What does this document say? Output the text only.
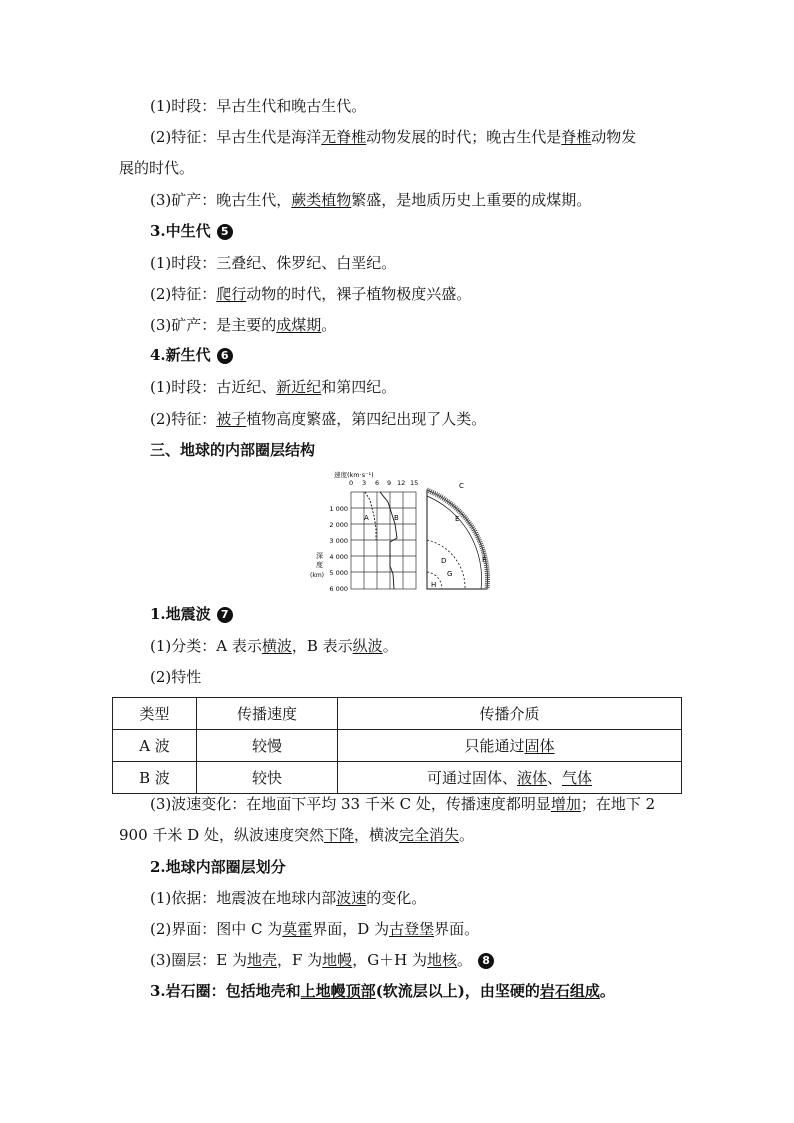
(1)时段：早古生代和晚古生代。
(2)特征：早古生代是海洋无脊椎动物发展的时代；晚古生代是脊椎动物发
展的时代。
(3)矿产：晚古生代，蕨类植物繁盛，是地质历史上重要的成煤期。
3.中生代 5
(1)时段：三叠纪、侏罗纪、白垩纪。
(2)特征：爬行动物的时代，裸子植物极度兴盛。
(3)矿产：是主要的成煤期。
4.新生代 6
(1)时段：古近纪、新近纪和第四纪。
(2)特征：被子植物高度繁盛，第四纪出现了人类。
三、地球的内部圈层结构
速度(km·s⁻¹)
0 3 6 9 12 15
1 000
2 000
3 000
4 000
5 000
6 000
深
度
(km)
A	B
C
D
E
F
G
H
1.地震波 7
(1)分类：A 表示横波，B 表示纵波。
(2)特性
类型	传播速度	传播介质
A 波	较慢	只能通过固体
B 波	较快	可通过固体、液体、气体
(3)波速变化：在地面下平均 33 千米 C 处，传播速度都明显增加；在地下 2
900 千米 D 处，纵波速度突然下降，横波完全消失。
2.地球内部圈层划分
(1)依据：地震波在地球内部波速的变化。
(2)界面：图中 C 为莫霍界面，D 为古登堡界面。
(3)圈层：E 为地壳，F 为地幔，G＋H 为地核。 8
3.岩石圈：包括地壳和上地幔顶部(软流层以上)，由坚硬的岩石组成。
